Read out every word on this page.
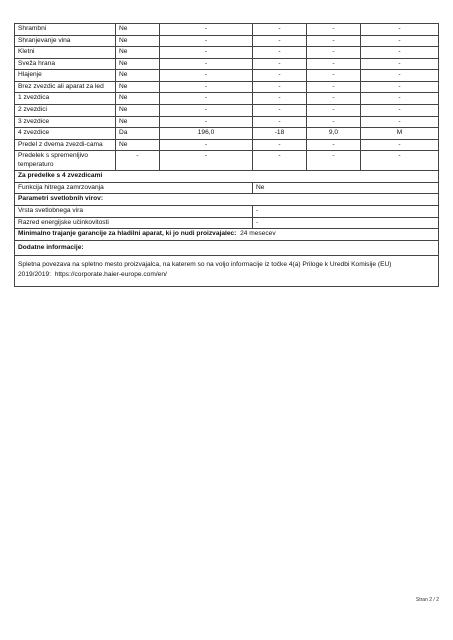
Shrambni	Ne	-	-	-	-
Shranjevanje vina	Ne	-	-	-	-
Kletni	Ne	-	-	-	-
Sveža hrana	Ne	-	-	-	-
Hlajenje	Ne	-	-	-	-
Brez zvezdic ali aparat za led	Ne	-	-	-	-
1 zvezdica	Ne	-	-	-	-
2 zvezdici	Ne	-	-	-	-
3 zvezdice	Ne	-	-	-	-
4 zvezdice	Da	196,0	-18	9,0	M
Predel z dvema zvezdi-cama	Ne	-	-	-	-
Predelek s spremenljivo temperaturo	-	-	-	-	-
Za predelke s 4 zvezdicami					
Funkcija hitrega zamrzovanja			Ne		
Parametri svetlobnih virov:					
Vrsta svetlobnega vira			-		
Razred energijske učinkovitosti			-		
Minimalno trajanje garancije za hladilni aparat, ki jo nudi proizvajalec: 24 mesecev					
Dodatne informacije:					
Spletna povezava na spletno mesto proizvajalca, na katerem so na voljo informacije iz točke 4(a) Priloge k Uredbi Komisije (EU) 2019/2019: https://corporate.haier-europe.com/en/					
Stran 2 / 2
